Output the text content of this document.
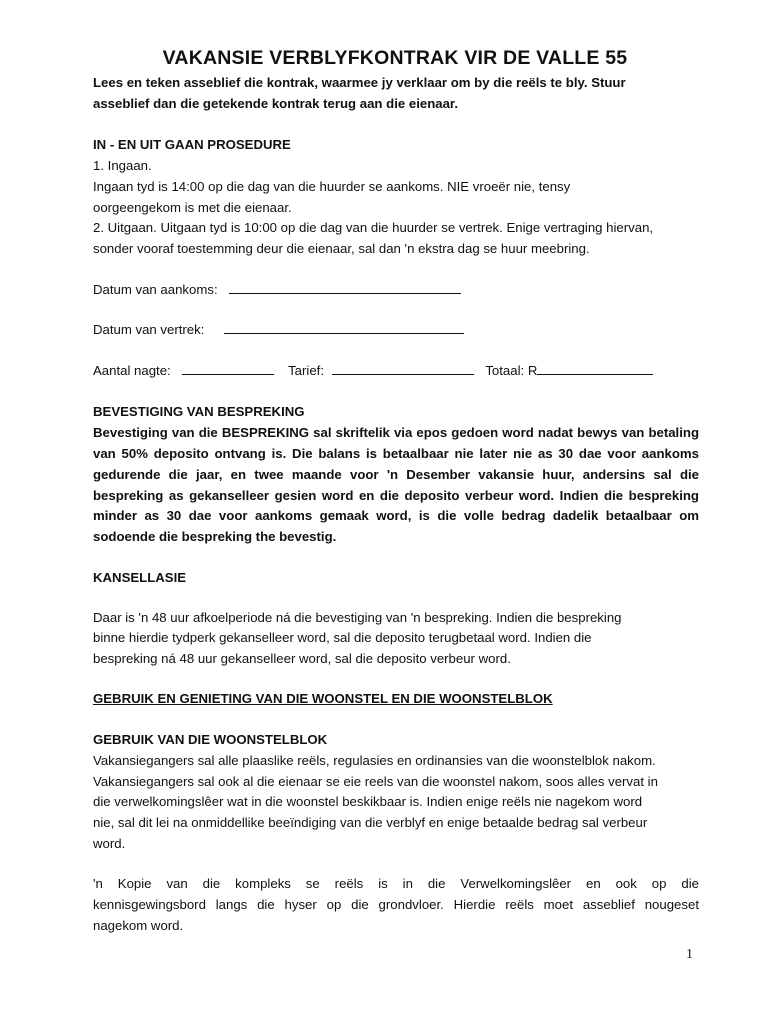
VAKANSIE VERBLYFKONTRAK VIR DE VALLE 55
Lees en teken asseblief die kontrak, waarmee jy verklaar om by die reëls te bly. Stuur
asseblief dan die getekende kontrak terug aan die eienaar.
IN - EN UIT GAAN PROSEDURE
1. Ingaan.
Ingaan tyd is 14:00 op die dag van die huurder se aankoms. NIE vroeër nie, tensy
oorgeengekom is met die eienaar.
2. Uitgaan. Uitgaan tyd is 10:00 op die dag van die huurder se vertrek. Enige vertraging hiervan,
sonder vooraf toestemming deur die eienaar, sal dan 'n ekstra dag se huur meebring.
Datum van aankoms:
Datum van vertrek:
Aantal nagte:	Tarief:	Totaal: R
BEVESTIGING VAN BESPREKING
Bevestiging van die BESPREKING sal skriftelik via epos gedoen word nadat bewys van betaling
van 50% deposito ontvang is. Die balans is betaalbaar nie later nie as 30 dae voor aankoms
gedurende die jaar, en twee maande voor 'n Desember vakansie huur, andersins sal die
bespreking as gekanselleer gesien word en die deposito verbeur word. Indien die bespreking
minder as 30 dae voor aankoms gemaak word, is die volle bedrag dadelik betaalbaar om
sodoende die bespreking the bevestig.
KANSELLASIE
Daar is 'n 48 uur afkoelperiode ná die bevestiging van 'n bespreking. Indien die bespreking
binne hierdie tydperk gekanselleer word, sal die deposito terugbetaal word. Indien die
bespreking ná 48 uur gekanselleer word, sal die deposito verbeur word.
GEBRUIK EN GENIETING VAN DIE WOONSTEL EN DIE WOONSTELBLOK
GEBRUIK VAN DIE WOONSTELBLOK
Vakansiegangers sal alle plaaslike reëls, regulasies en ordinansies van die woonstelblok nakom.
Vakansiegangers sal ook al die eienaar se eie reels van die woonstel nakom, soos alles vervat in
die verwelkomingslêer wat in die woonstel beskikbaar is. Indien enige reëls nie nagekom word
nie, sal dit lei na onmiddellike beeïndiging van die verblyf en enige betaalde bedrag sal verbeur
word.
'n Kopie van die kompleks se reëls is in die Verwelkomingslêer en ook op die
kennisgewingsbord langs die hyser op die grondvloer. Hierdie reëls moet asseblief nougeset
nagekom word.
1
